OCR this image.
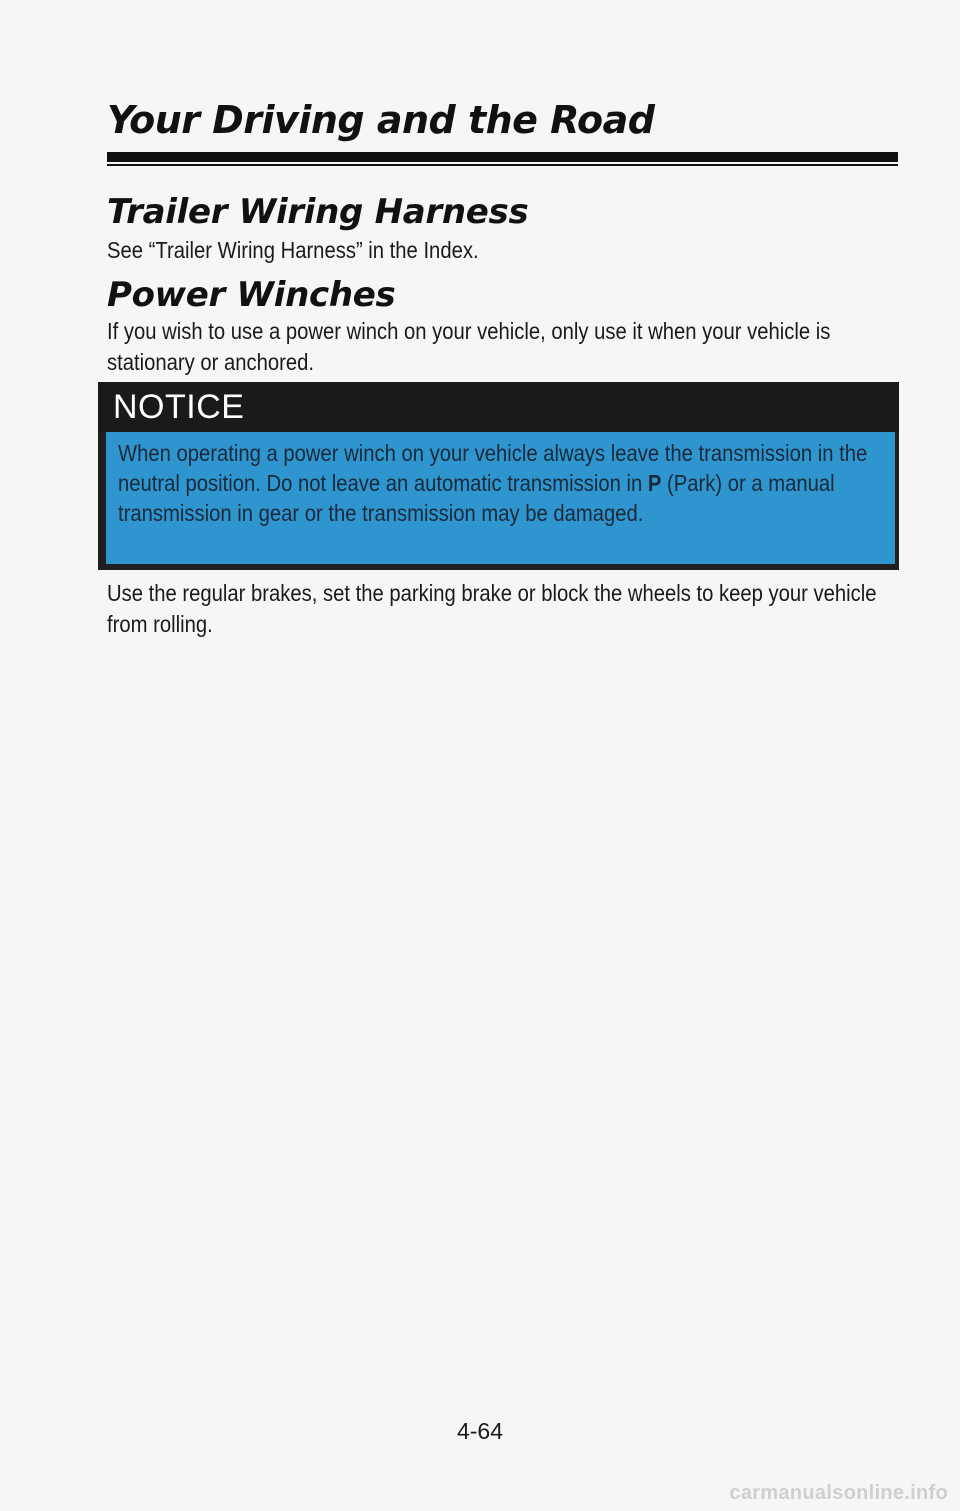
Your Driving and the Road
Trailer Wiring Harness
See “Trailer Wiring Harness” in the Index.
Power Winches
If you wish to use a power winch on your vehicle, only use it when your vehicle is stationary or anchored.
NOTICE
When operating a power winch on your vehicle always leave the transmission in the neutral position. Do not leave an automatic transmission in P (Park) or a manual transmission in gear or the transmission may be damaged.
Use the regular brakes, set the parking brake or block the wheels to keep your vehicle from rolling.
4-64
carmanualsonline.info
